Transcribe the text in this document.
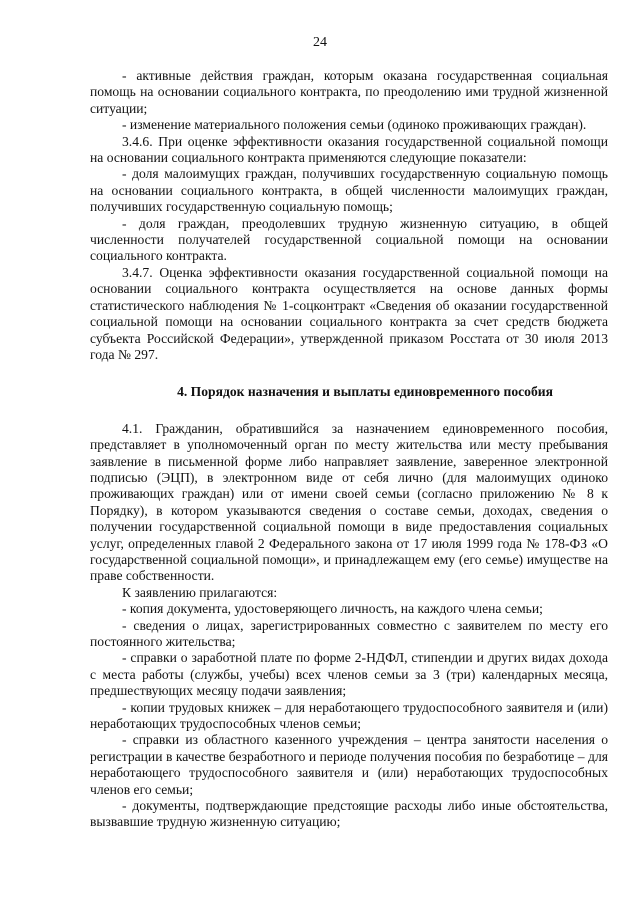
24

- активные действия граждан, которым оказана государственная социальная помощь на основании социального контракта, по преодолению ими трудной жизненной ситуации;

- изменение материального положения семьи (одиноко проживающих граждан).

3.4.6. При оценке эффективности оказания государственной социальной помощи на основании социального контракта применяются следующие показатели:

- доля малоимущих граждан, получивших государственную социальную помощь на основании социального контракта, в общей численности малоимущих граждан, получивших государственную социальную помощь;

- доля граждан, преодолевших трудную жизненную ситуацию, в общей численности получателей государственной социальной помощи на основании социального контракта.

3.4.7. Оценка эффективности оказания государственной социальной помощи на основании социального контракта осуществляется на основе данных формы статистического наблюдения № 1-соцконтракт «Сведения об оказании государственной социальной помощи на основании социального контракта за счет средств бюджета субъекта Российской Федерации», утвержденной приказом Росстата от 30 июля 2013 года № 297.

4. Порядок назначения и выплаты единовременного пособия

4.1. Гражданин, обратившийся за назначением единовременного пособия, представляет в уполномоченный орган по месту жительства или месту пребывания заявление в письменной форме либо направляет заявление, заверенное электронной подписью (ЭЦП), в электронном виде от себя лично (для малоимущих одиноко проживающих граждан) или от имени своей семьи (согласно приложению № 8 к Порядку), в котором указываются сведения о составе семьи, доходах, сведения о получении государственной социальной помощи в виде предоставления социальных услуг, определенных главой 2 Федерального закона от 17 июля 1999 года № 178-ФЗ «О государственной социальной помощи», и принадлежащем ему (его семье) имуществе на праве собственности.

К заявлению прилагаются:

- копия документа, удостоверяющего личность, на каждого члена семьи;

- сведения о лицах, зарегистрированных совместно с заявителем по месту его постоянного жительства;

- справки о заработной плате по форме 2-НДФЛ, стипендии и других видах дохода с места работы (службы, учебы) всех членов семьи за 3 (три) календарных месяца, предшествующих месяцу подачи заявления;

- копии трудовых книжек – для неработающего трудоспособного заявителя и (или) неработающих трудоспособных членов семьи;

- справки из областного казенного учреждения – центра занятости населения о регистрации в качестве безработного и периоде получения пособия по безработице – для неработающего трудоспособного заявителя и (или) неработающих трудоспособных членов его семьи;

- документы, подтверждающие предстоящие расходы либо иные обстоятельства, вызвавшие трудную жизненную ситуацию;
